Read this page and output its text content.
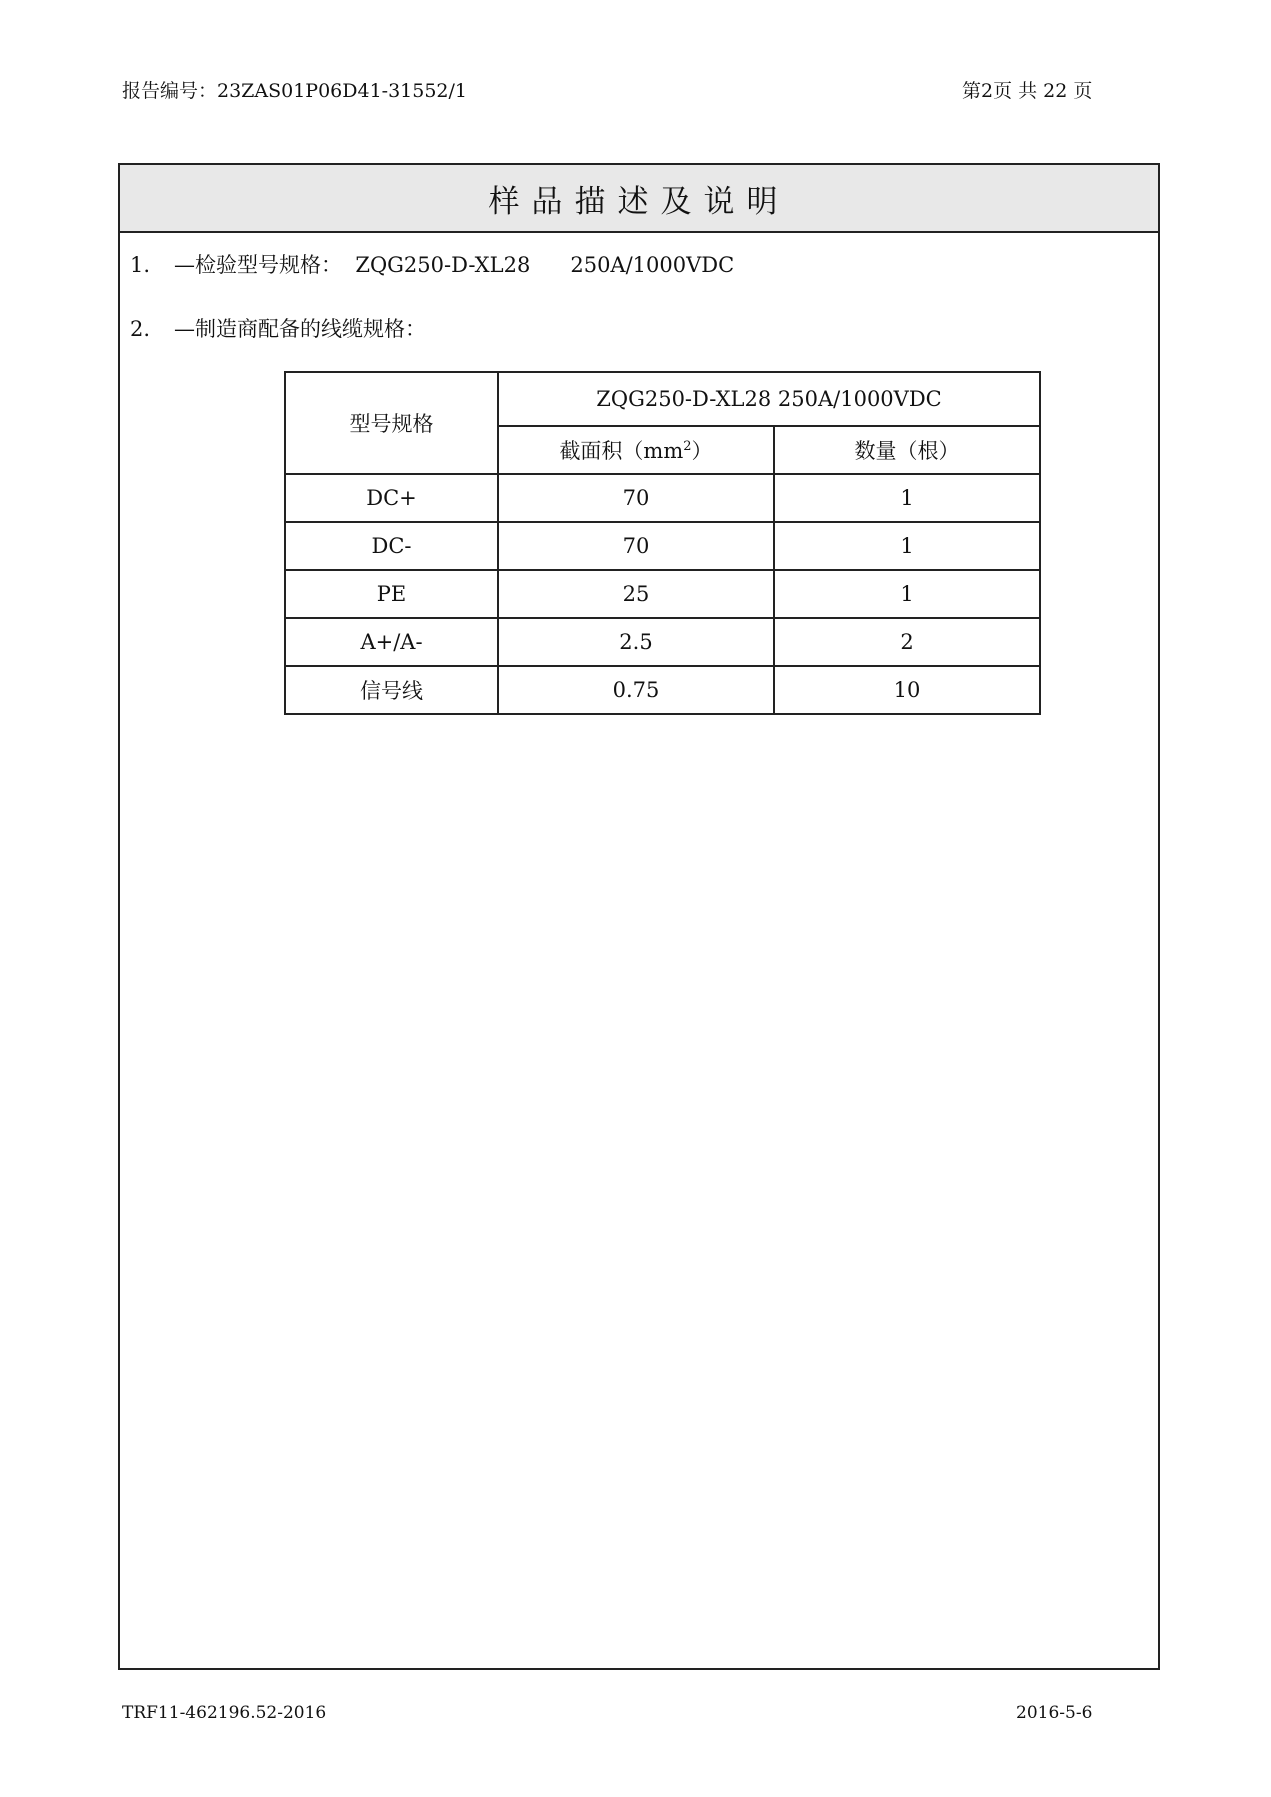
报告编号：23ZAS01P06D41-31552/1	第2页 共 22 页
样品描述及说明
1. —检验型号规格：  ZQG250-D-XL28      250A/1000VDC
2. —制造商配备的线缆规格：
型号规格	ZQG250-D-XL28 250A/1000VDC	
	截面积$(mm^2)$	数量（根）
DC+	70	1
DC-	70	1
PE	25	1
A+/A-	2.5	2
信号线	0.75	10
TRF11-462196.52-2016	2016-5-6
